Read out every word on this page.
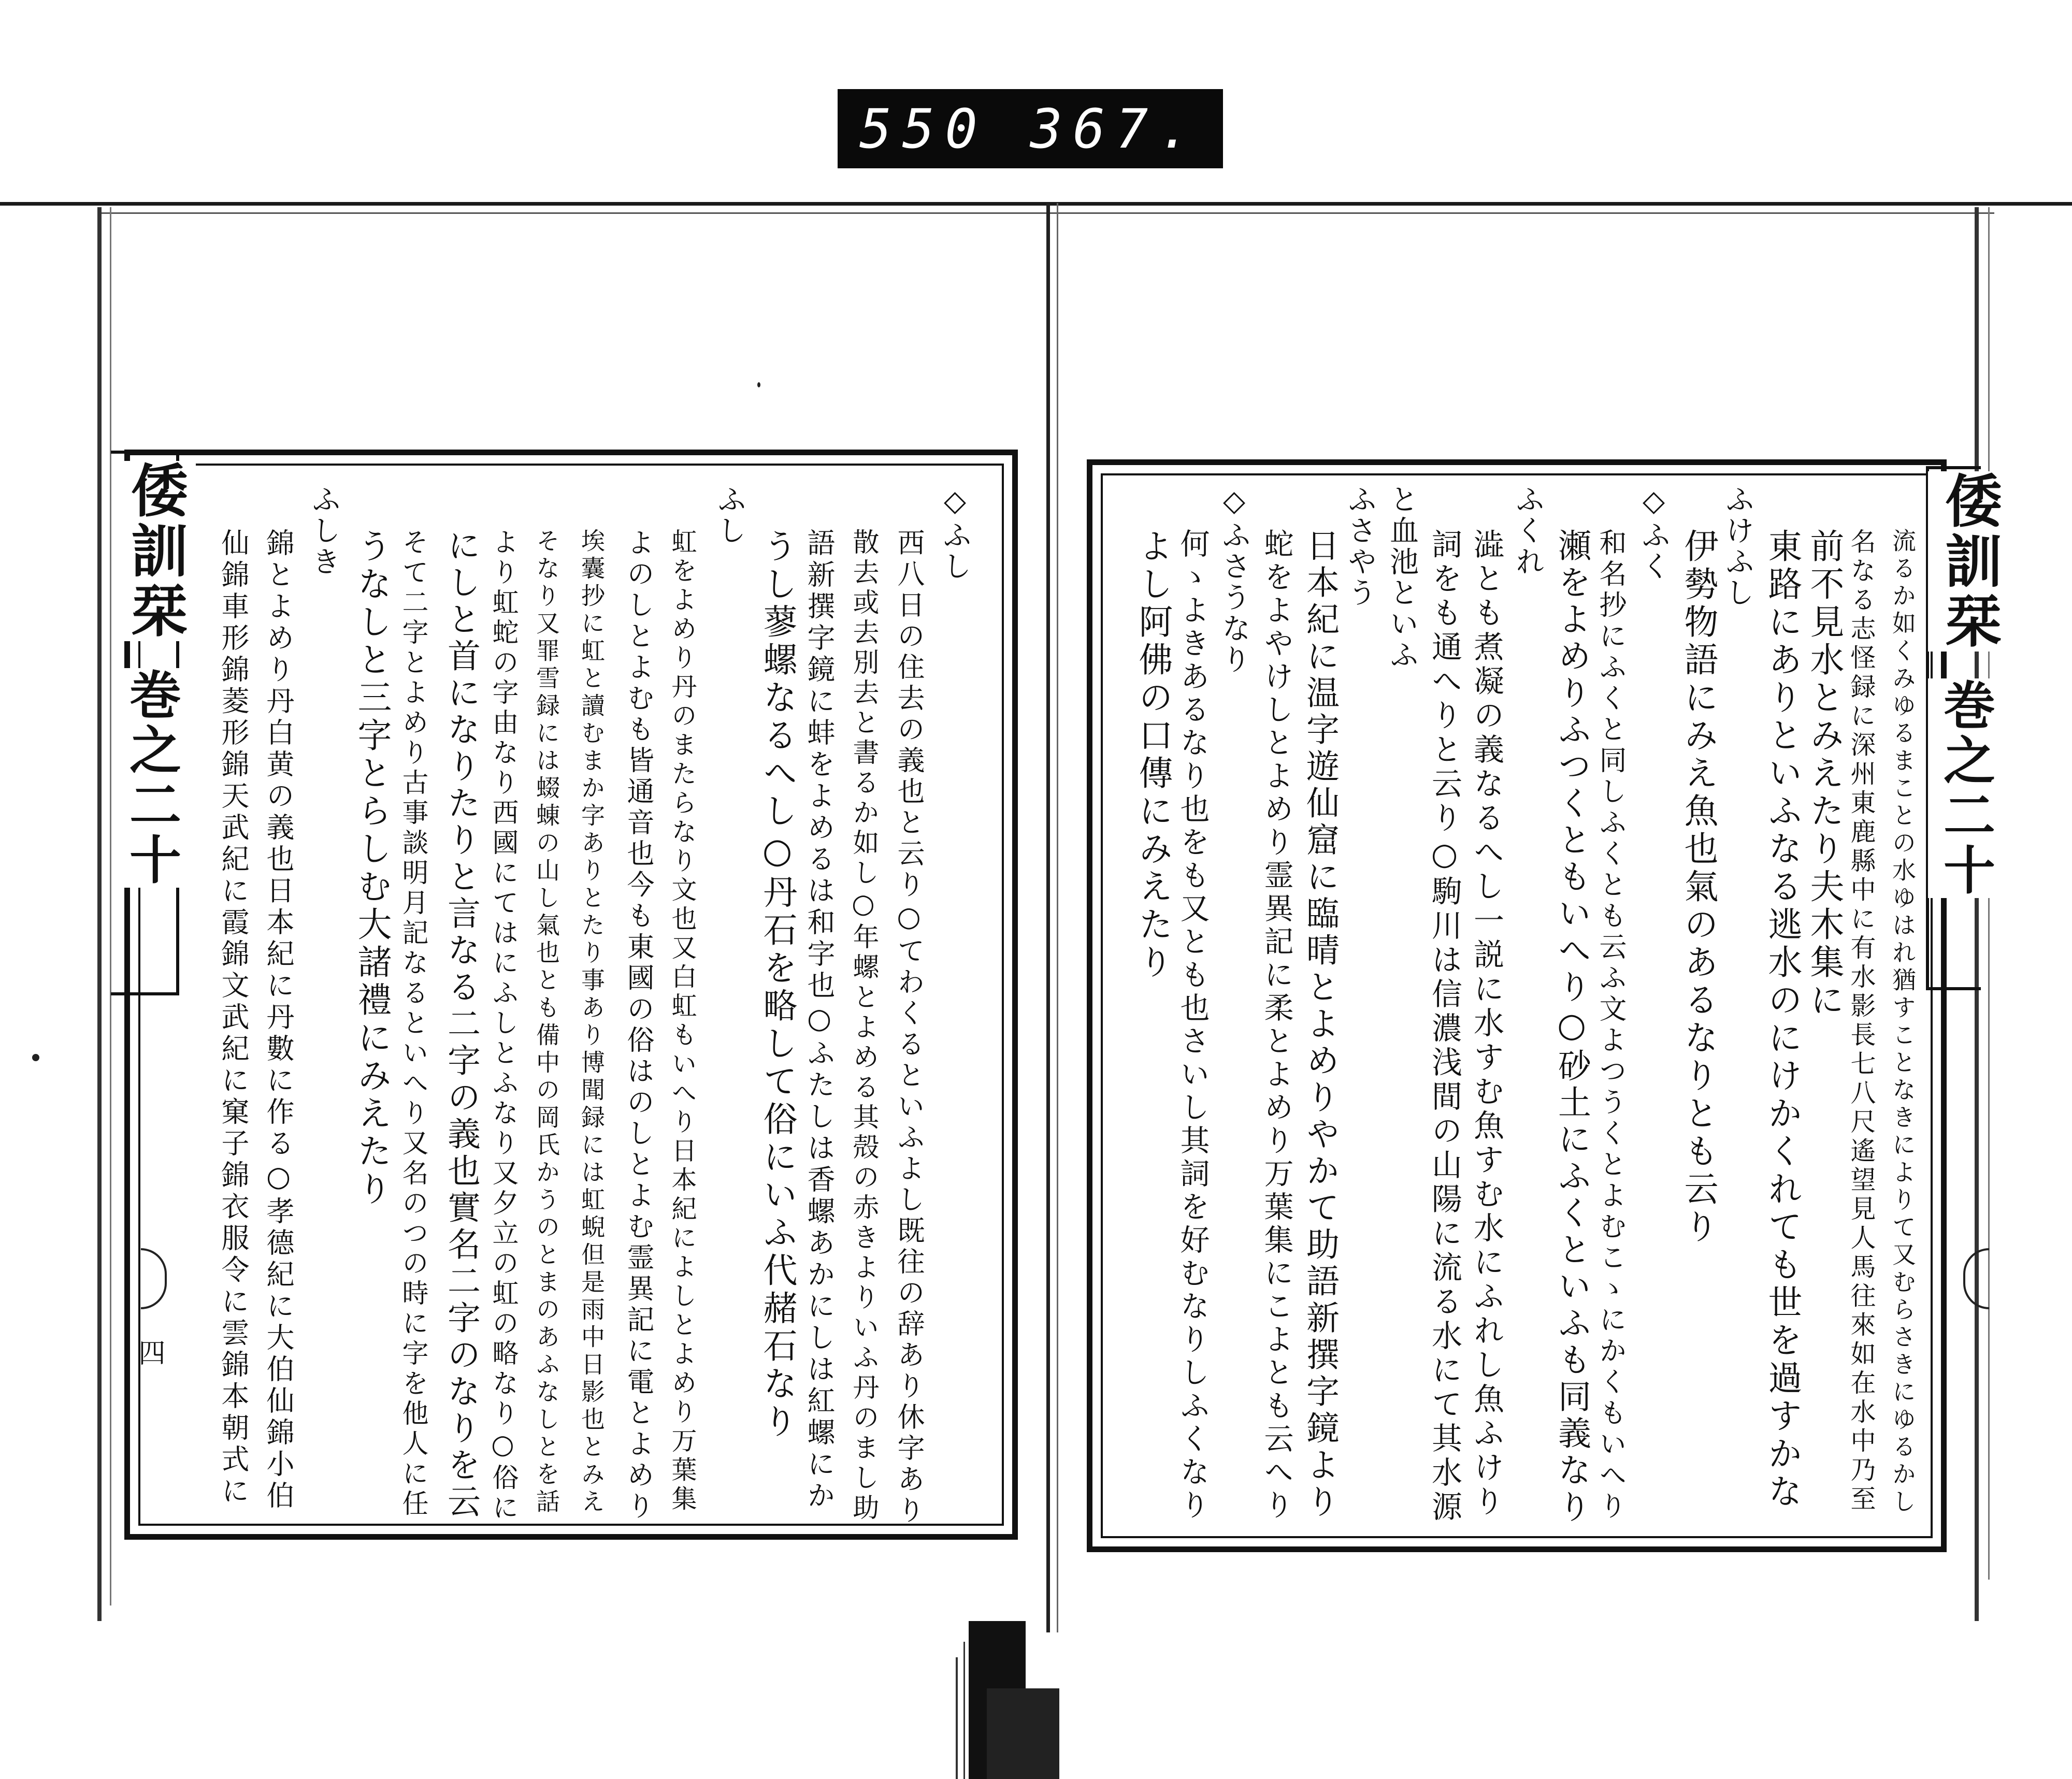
550 367.
倭訓栞
巻之二十
四
◇ふし
西八日の住去の義也と云り○てわくるといふよし既往の辞あり休字あり
散去或去別去と書るか如し○年螺とよめる其殻の赤きよりいふ丹のまし助
語新撰字鏡に蚌をよめるは和字也○ふたしは香螺あかにしは紅螺にか
うし蓼螺なるへし○丹石を略して俗にいふ代赭石なり
ふし
虹をよめり丹のまたらなり文也又白虹もいへり日本紀によしとよめり万葉集
よのしとよむも皆通音也今も東國の俗はのしとよむ霊異記に電とよめり
埃囊抄に虹と讀むまか字ありとたり事あり博聞録には虹蜺但是雨中日影也とみえ
そなり又罪雪録には蝃蝀の山し氣也とも備中の岡氏かうのとまのあふなしとを話
より虹蛇の字由なり西國にてはにふしとふなり又夕立の虹の略なり○俗に
にしと首になりたりと言なる二字の義也實名二字のなりを云
そて二字とよめり古事談明月記なるといへり又名のつの時に字を他人に任
うなしと三字とらしむ大諸禮にみえたり
ふしき
錦とよめり丹白黄の義也日本紀に丹數に作る○孝德紀に大伯仙錦小伯
仙錦車形錦菱形錦天武紀に霞錦文武紀に窠子錦衣服令に雲錦本朝式に	倭訓栞
巻之二十
流るか如くみゆるまことの水ゆはれ猶すことなきによりて又むらさきにゆるかし
名なる志怪録に深州東鹿縣中に有水影長七八尺遙望見人馬往來如在水中乃至
前不見水とみえたり夫木集に
東路にありといふなる逃水のにけかくれても世を過すかな
ふけふし
伊勢物語にみえ魚也氣のあるなりとも云り
◇ふく
和名抄にふくと同しふくとも云ふ文よつうくとよむこゝにかくもいへり
瀬をよめりふつくともいへり○砂土にふくといふも同義なり
ふくれ
澁とも煮凝の義なるへし一説に水すむ魚すむ水にふれし魚ふけり
詞をも通へりと云り○駒川は信濃浅間の山陽に流る水にて其水源
と血池といふ
ふさやう
日本紀に温字遊仙窟に臨晴とよめりやかて助語新撰字鏡より
蛇をよやけしとよめり霊異記に柔とよめり万葉集にこよとも云へり
◇ふさうなり
何ゝよきあるなり也をも又とも也さいし其詞を好むなりしふくなり
よし阿佛の口傳にみえたり
